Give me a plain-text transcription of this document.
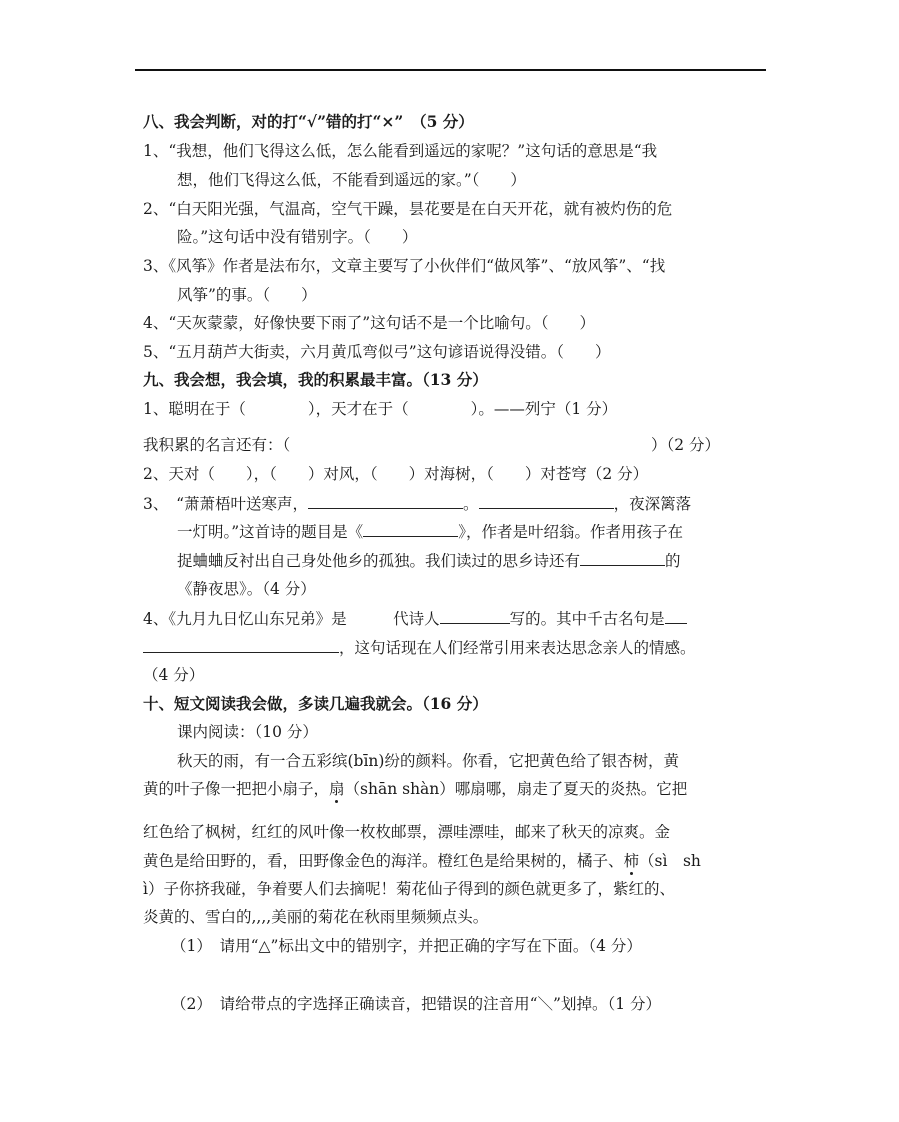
八、我会判断，对的打“√”错的打“×”　（5 分）
1、“我想，他们飞得这么低，怎么能看到遥远的家呢？”这句话的意思是“我
想，他们飞得这么低，不能看到遥远的家。”（　　）
2、“白天阳光强，气温高，空气干躁，昙花要是在白天开花，就有被灼伤的危
险。”这句话中没有错别字。（　　）
3、《风筝》作者是法布尔，文章主要写了小伙伴们“做风筝”、“放风筝”、“找
风筝”的事。（　　）
4、“天灰蒙蒙，好像快要下雨了”这句话不是一个比喻句。（　　）
5、“五月葫芦大街卖，六月黄瓜弯似弓”这句谚语说得没错。（　　）
九、我会想，我会填，我的积累最丰富。（13 分）
1、聪明在于（　　　　），天才在于（　　　　）。——列宁（1 分）
我积累的名言还有：（	）（2 分）
2、天对（　　），（　　）对风，（　　）对海树，（　　）对苍穹（2 分）
3、　“萧萧梧叶送寒声，	。	，夜深篱落
一灯明。”这首诗的题目是《	》，作者是叶绍翁。作者用孩子在
捉蛐蛐反衬出自己身处他乡的孤独。我们读过的思乡诗还有	的
《静夜思》。（4 分）
4、《九月九日忆山东兄弟》是　　　代诗人	写的。其中千古名句是
，这句话现在人们经常引用来表达思念亲人的情感。
（4 分）
十、短文阅读我会做，多读几遍我就会。（16 分）
课内阅读：（10 分）
秋天的雨，有一合五彩缤(bīn)纷的颜料。你看，它把黄色给了银杏树，黄
黄的叶子像一把把小扇子，扇（shān shàn）哪扇哪，扇走了夏天的炎热。它把
红色给了枫树，红红的风叶像一枚枚邮票，漂哇漂哇，邮来了秋天的凉爽。金
黄色是给田野的，看，田野像金色的海洋。橙红色是给果树的，橘子、柿（sì　sh
ì）子你挤我碰，争着要人们去摘呢！菊花仙子得到的颜色就更多了，紫红的、
炎黄的、雪白的,,,,美丽的菊花在秋雨里频频点头。
（1）　请用“△”标出文中的错别字，并把正确的字写在下面。（4 分）
（2）　请给带点的字选择正确读音，把错误的注音用“＼”划掉。（1 分）
